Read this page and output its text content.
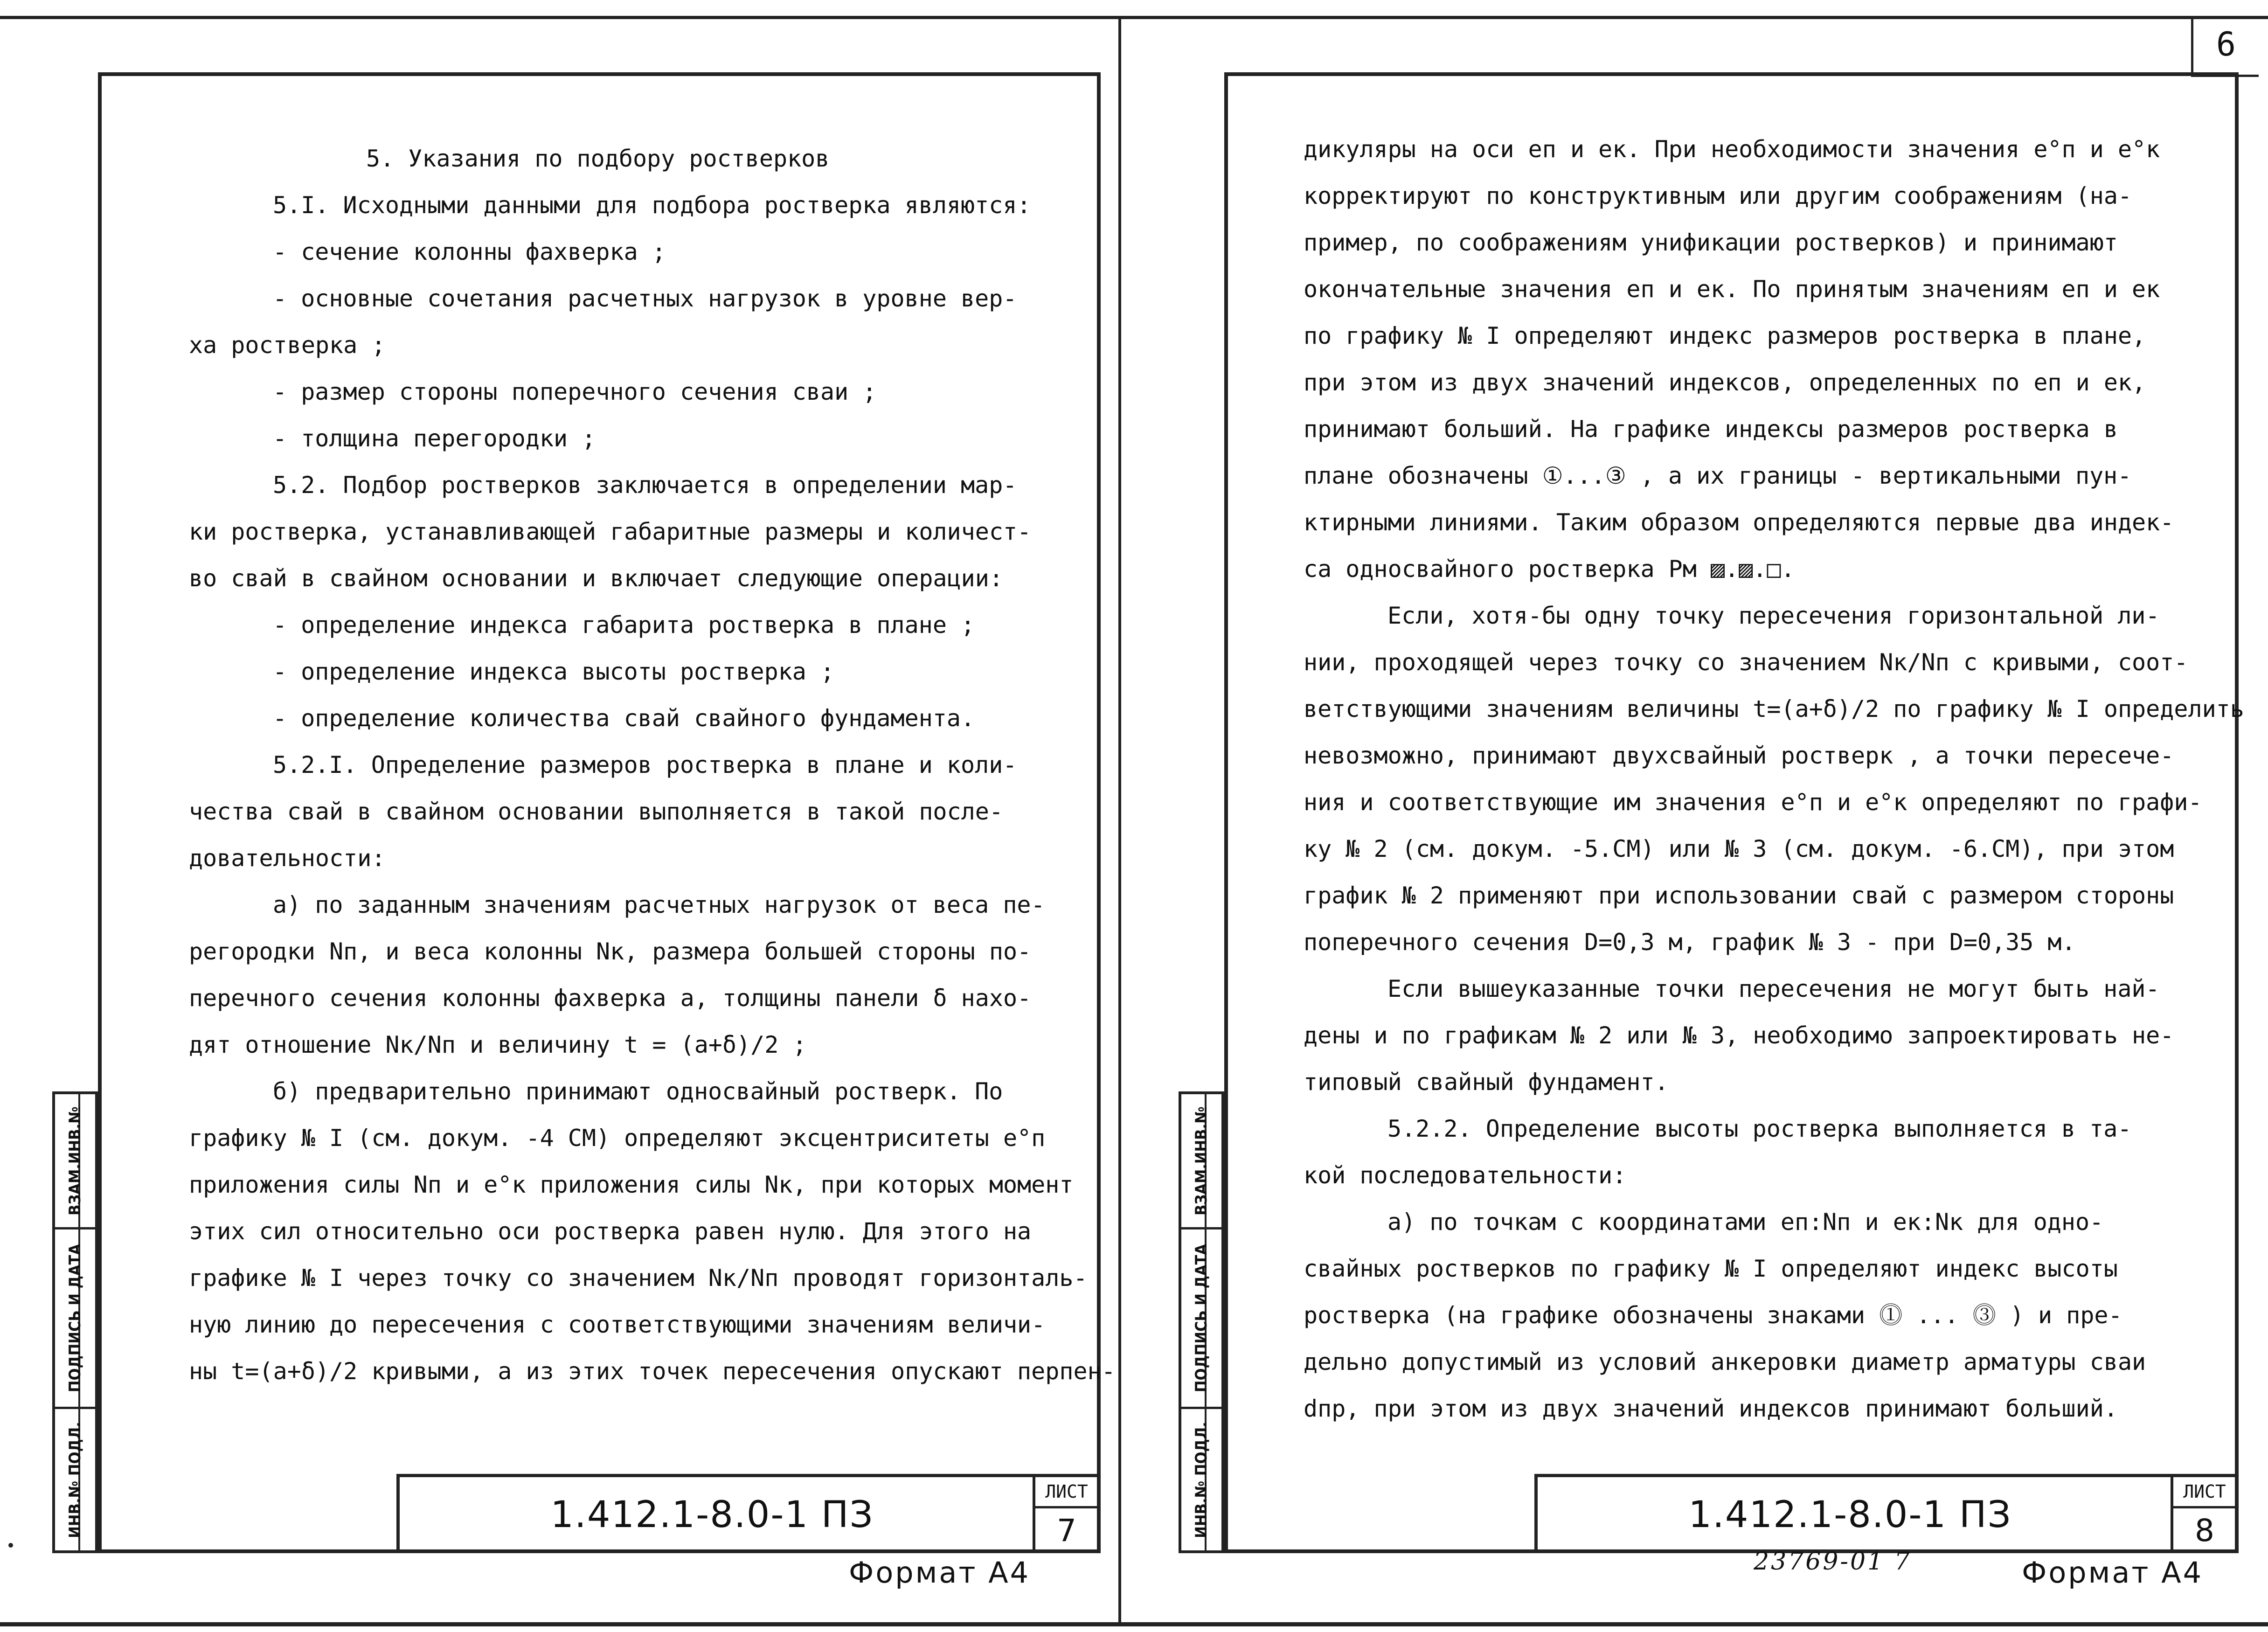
6

5. Указания по подбору ростверков

5.I. Исходными данными для подбора ростверка являются:

- сечение колонны фахверка ;

- основные сочетания расчетных нагрузок в уровне вер-

ха ростверка ;

- размер стороны поперечного сечения сваи ;

- толщина перегородки ;

5.2. Подбор ростверков заключается в определении мар-

ки ростверка, устанавливающей габаритные размеры и количест-

во свай в свайном основании и включает следующие операции:

- определение индекса габарита ростверка в плане ;

- определение индекса высоты ростверка ;

- определение количества свай свайного фундамента.

5.2.I. Определение размеров ростверка в плане и коли-

чества свай в свайном основании выполняется в такой после-

довательности:

а) по заданным значениям расчетных нагрузок от веса пе-

регородки Nп, и веса колонны Nк, размера большей стороны по-

перечного сечения колонны фахверка a, толщины панели δ нахо-

дят отношение Nк/Nп и величину t = (a+δ)/2 ;

б) предварительно принимают односвайный ростверк. По

графику № I (см. докум. -4 СМ) определяют эксцентриситеты e°п

приложения силы Nп и e°к приложения силы Nк, при которых момент

этих сил относительно оси ростверка равен нулю. Для этого на

графике № I через точку со значением Nк/Nп проводят горизонталь-

ную линию до пересечения с соответствующими значениям величи-

ны t=(a+δ)/2 кривыми, а из этих точек пересечения опускают перпен-

ВЗАМ.ИНВ.№
ПОДПИСЬ И ДАТА
ИНВ.№ ПОДЛ.	1.412.1-8.0-1 ПЗ
ЛИСТ
7
Формат А4

дикуляры на оси eп и eк. При необходимости значения e°п и e°к

корректируют по конструктивным или другим соображениям (на-

пример, по соображениям унификации ростверков) и принимают

окончательные значения eп и eк. По принятым значениям eп и eк

по графику № I определяют индекс размеров ростверка в плане,

при этом из двух значений индексов, определенных по eп и eк,

принимают больший. На графике индексы размеров ростверка в

плане обозначены ①...③ , а их границы - вертикальными пун-

ктирными линиями. Таким образом определяются первые два индек-

са односвайного ростверка Рм ▨.▨.□.

Если, хотя-бы одну точку пересечения горизонтальной ли-

нии, проходящей через точку со значением Nк/Nп с кривыми, соот-

ветствующими значениям величины t=(a+δ)/2 по графику № I определить

невозможно, принимают двухсвайный ростверк , а точки пересече-

ния и соответствующие им значения e°п и e°к определяют по графи-

ку № 2 (см. докум. -5.СМ) или № 3 (см. докум. -6.СМ), при этом

график № 2 применяют при использовании свай с размером стороны

поперечного сечения D=0,3 м, график № 3 - при D=0,35 м.

Если вышеуказанные точки пересечения не могут быть най-

дены и по графикам № 2 или № 3, необходимо запроектировать не-

типовый свайный фундамент.

5.2.2. Определение высоты ростверка выполняется в та-

кой последовательности:

а) по точкам с координатами eп:Nп и eк:Nк для одно-

свайных ростверков по графику № I определяют индекс высоты

ростверка (на графике обозначены знаками ⓵ ... ⓷ ) и пре-

дельно допустимый из условий анкеровки диаметр арматуры сваи

dпр, при этом из двух значений индексов принимают больший.

ВЗАМ.ИНВ.№
ПОДПИСЬ И ДАТА
ИНВ.№ ПОДЛ.	1.412.1-8.0-1 ПЗ
ЛИСТ
8
23769-01 7	Формат А4
